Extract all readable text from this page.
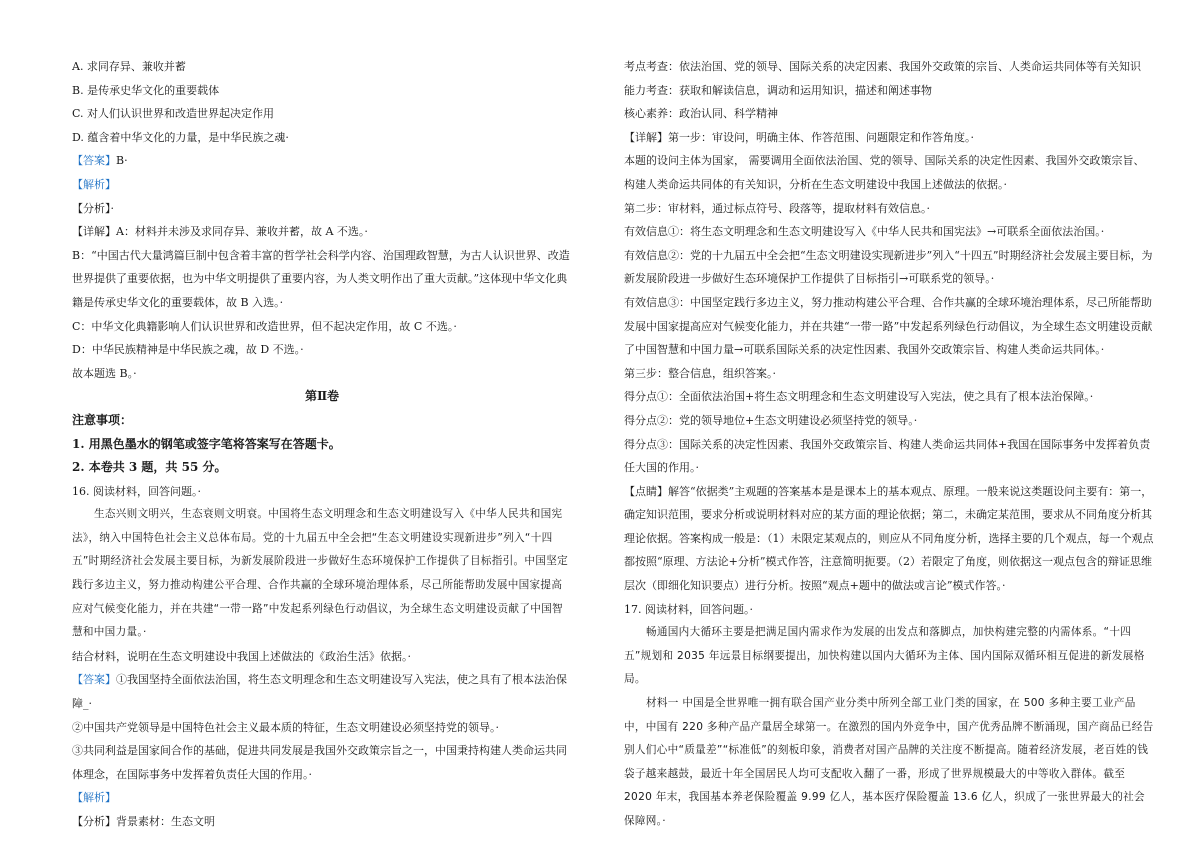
A. 求同存异、兼收并蓄

B. 是传承史华文化的重要载体

C. 对人们认识世界和改造世界起决定作用

D. 蕴含着中华文化的力量，是中华民族之魂·

【答案】B·

【解析】

【分析】·

【详解】A：材料并未涉及求同存异、兼收并蓄，故 A 不选。·

B：“中国古代大量鸿篇巨制中包含着丰富的哲学社会科学内容、治国理政智慧，为古人认识世界、改造世界提供了重要依据，也为中华文明提供了重要内容，为人类文明作出了重大贡献。”这体现中华文化典籍是传承史华文化的重要载体，故 B 入选。·

C：中华文化典籍影响人们认识世界和改造世界，但不起决定作用，故 C 不选。·

D：中华民族精神是中华民族之魂，故 D 不选。·

故本题选 B。·

第Ⅱ卷

注意事项：

1. 用黑色墨水的钢笔或签字笔将答案写在答题卡。

2. 本卷共 3 题，共 55 分。

16. 阅读材料，回答问题。·

生态兴则文明兴，生态衰则文明衰。中国将生态文明理念和生态文明建设写入《中华人民共和国宪法》，纳入中国特色社会主义总体布局。党的十九届五中全会把“生态文明建设实现新进步”列入“十四五”时期经济社会发展主要目标，为新发展阶段进一步做好生态环境保护工作提供了目标指引。中国坚定践行多边主义，努力推动构建公平合理、合作共赢的全球环境治理体系，尽己所能帮助发展中国家提高应对气候变化能力，并在共建“一带一路”中发起系列绿色行动倡议，为全球生态文明建设贡献了中国智慧和中国力量。·

结合材料，说明在生态文明建设中我国上述做法的《政治生活》依据。·

【答案】①我国坚持全面依法治国，将生态文明理念和生态文明建设写入宪法，使之具有了根本法治保障_·

②中国共产党领导是中国特色社会主义最本质的特征，生态文明建设必须坚持党的领导。·

③共同利益是国家间合作的基础，促进共同发展是我国外交政策宗旨之一，中国秉持构建人类命运共同体理念，在国际事务中发挥着负责任大国的作用。·

【解析】

【分析】背景素材：生态文明

考点考查：依法治国、党的领导、国际关系的决定因素、我国外交政策的宗旨、人类命运共同体等有关知识

能力考查：获取和解读信息，调动和运用知识，描述和阐述事物

核心素养：政治认同、科学精神

【详解】第一步：审设问，明确主体、作答范围、问题限定和作答角度。·

本题的设问主体为国家， 需要调用全面依法治国、党的领导、国际关系的决定性因素、我国外交政策宗旨、构建人类命运共同体的有关知识，分析在生态文明建设中我国上述做法的依据。·

第二步：审材料，通过标点符号、段落等，提取材料有效信息。·

有效信息①：将生态文明理念和生态文明建设写入《中华人民共和国宪法》→可联系全面依法治国。·

有效信息②：党的十九届五中全会把“生态文明建设实现新进步”列入“十四五”时期经济社会发展主要目标，为新发展阶段进一步做好生态环境保护工作提供了目标指引→可联系党的领导。·

有效信息③：中国坚定践行多边主义，努力推动构建公平合理、合作共赢的全球环境治理体系，尽己所能帮助发展中国家提高应对气候变化能力，并在共建“一带一路”中发起系列绿色行动倡议，为全球生态文明建设贡献了中国智慧和中国力量→可联系国际关系的决定性因素、我国外交政策宗旨、构建人类命运共同体。·

第三步：整合信息，组织答案。·

得分点①：全面依法治国+将生态文明理念和生态文明建设写入宪法，使之具有了根本法治保障。·

得分点②：党的领导地位+生态文明建设必须坚持党的领导。·

得分点③：国际关系的决定性因素、我国外交政策宗旨、构建人类命运共同体+我国在国际事务中发挥着负责任大国的作用。·

【点睛】解答“依据类”主观题的答案基本是是课本上的基本观点、原理。一般来说这类题设问主要有：第一，确定知识范围，要求分析或说明材料对应的某方面的理论依据；第二，未确定某范围，要求从不同角度分析其理论依据。答案构成一般是：（1）未限定某观点的，则应从不同角度分析，选择主要的几个观点，每一个观点都按照“原理、方法论+分析”模式作答，注意简明扼要。（2）若限定了角度，则依据这一观点包含的辩证思维层次（即细化知识要点）进行分析。按照“观点+题中的做法或言论”模式作答。·

17. 阅读材料，回答问题。·

畅通国内大循环主要是把满足国内需求作为发展的出发点和落脚点，加快构建完整的内需体系。“十四五”规划和 2035 年远景目标纲要提出，加快构建以国内大循环为主体、国内国际双循环相互促进的新发展格局。

材料一 中国是全世界唯一拥有联合国产业分类中所列全部工业门类的国家，在 500 多种主要工业产品中，中国有 220 多种产品产量居全球第一。在激烈的国内外竞争中，国产优秀品牌不断涌现，国产商品已经告别人们心中“质量差”“标准低”的刻板印象，消费者对国产品牌的关注度不断提高。随着经济发展，老百姓的钱袋子越来越鼓，最近十年全国居民人均可支配收入翻了一番，形成了世界规模最大的中等收入群体。截至 2020 年末，我国基本养老保险覆盖 9.99 亿人，基本医疗保险覆盖 13.6 亿人，织成了一张世界最大的社会保障网。·
